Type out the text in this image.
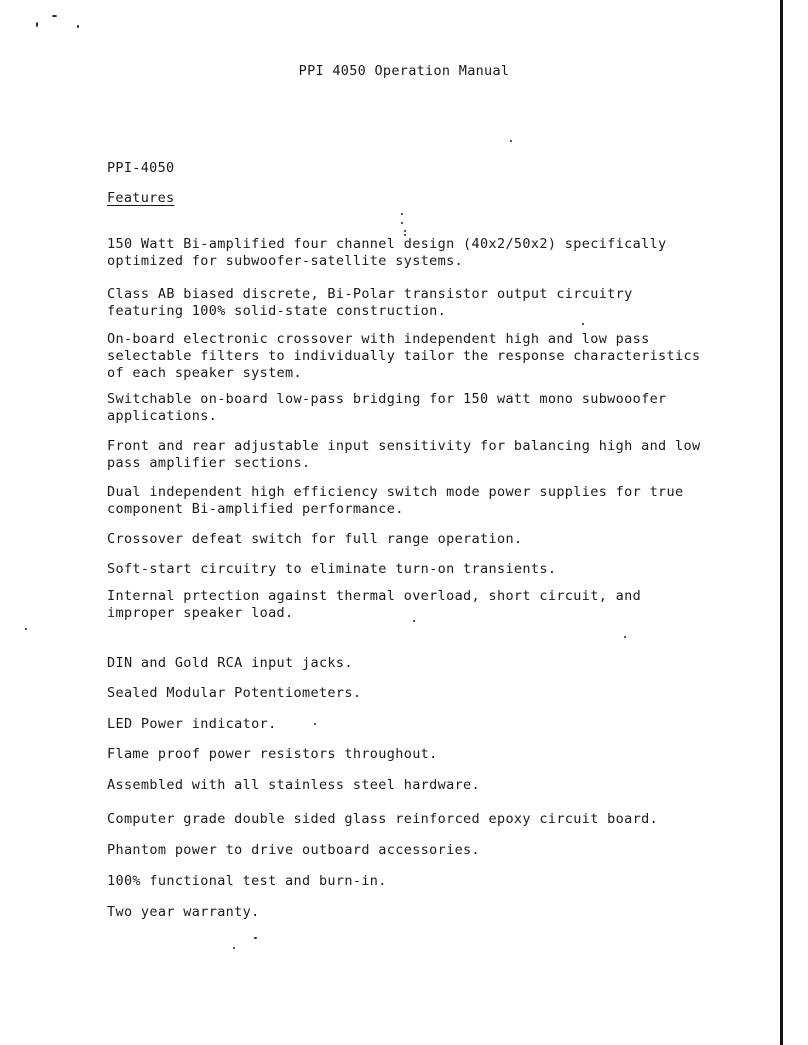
PPI 4050 Operation Manual
PPI-4050
Features
150 Watt Bi-amplified four channel design (40x2/50x2) specifically
optimized for subwoofer-satellite systems.
Class AB biased discrete, Bi-Polar transistor output circuitry
featuring 100% solid-state construction.
On-board electronic crossover with independent high and low pass
selectable filters to individually tailor the response characteristics
of each speaker system.
Switchable on-board low-pass bridging for 150 watt mono subwooofer
applications.
Front and rear adjustable input sensitivity for balancing high and low
pass amplifier sections.
Dual independent high efficiency switch mode power supplies for true
component Bi-amplified performance.
Crossover defeat switch for full range operation.
Soft-start circuitry to eliminate turn-on transients.
Internal prtection against thermal overload, short circuit, and
improper speaker load.
DIN and Gold RCA input jacks.
Sealed Modular Potentiometers.
LED Power indicator.
Flame proof power resistors throughout.
Assembled with all stainless steel hardware.
Computer grade double sided glass reinforced epoxy circuit board.
Phantom power to drive outboard accessories.
100% functional test and burn-in.
Two year warranty.
